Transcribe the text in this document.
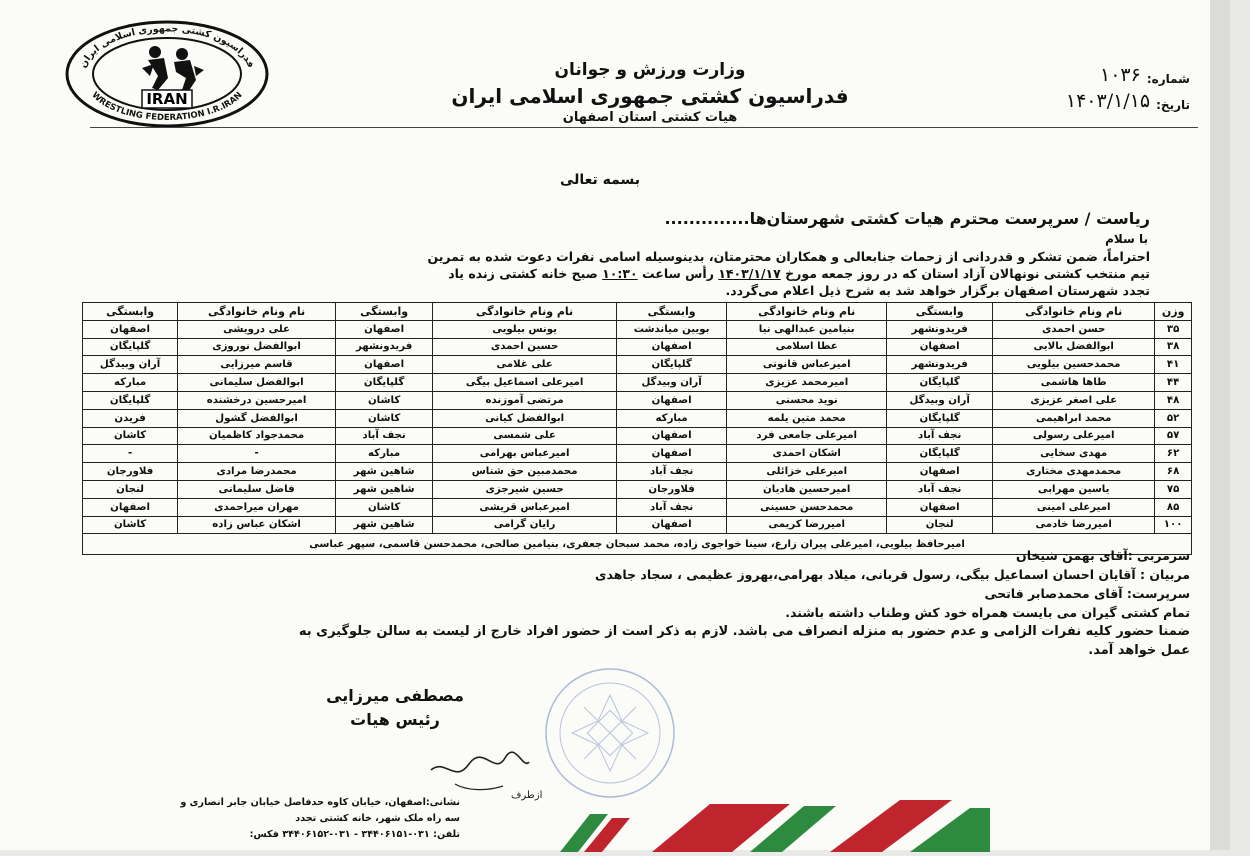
فدراسیون کشتی جمهوری اسلامی ایران
WRESTLING FEDERATION I.R.IRAN
IRAN
وزارت ورزش و جوانان
فدراسیون کشتی جمهوری اسلامی ایران
هیات کشتی استان اصفهان
شماره:
۱۰۳۶
تاریخ:
۱۴۰۳/۱/۱۵
بسمه تعالی
ریاست / سرپرست محترم هیات کشتی شهرستان‌ها..............
با سلام
احتراماً، ضمن تشکر و قدردانی از زحمات جنابعالی و همکاران محترمتان، بدینوسیله اسامی نفرات دعوت شده به تمرین
تیم منتخب کشتی نونهالان آزاد استان که در روز جمعه مورخ ۱۴۰۳/۱/۱۷ رأس ساعت ۱۰:۳۰ صبح خانه کشتی زنده یاد
تجدد شهرستان اصفهان برگزار خواهد شد به شرح ذیل اعلام می‌گردد.
وزن	نام ونام خانوادگی	وابستگی	نام ونام خانوادگی	وابستگی	نام ونام خانوادگی	وابستگی	نام ونام خانوادگی	وابستگی
۳۵	حسن احمدی	فریدونشهر	بنیامین عبدالهی نیا	بویین میاندشت	یونس بیلویی	اصفهان	علی درویشی	اصفهان
۳۸	ابوالفضل بالایی	اصفهان	عطا اسلامی	اصفهان	حسین احمدی	فریدونشهر	ابوالفضل نوروزی	گلپایگان
۴۱	محمدحسین بیلویی	فریدونشهر	امیرعباس قانونی	گلپایگان	علی غلامی	اصفهان	قاسم میرزایی	آران وبیدگل
۴۴	طاها هاشمی	گلپایگان	امیرمحمد عزیزی	آران وبیدگل	امیرعلی اسماعیل بیگی	گلپایگان	ابوالفضل سلیمانی	مبارکه
۴۸	علی اصغر عزیزی	آران وبیدگل	نوید محسنی	اصفهان	مرتضی آموزنده	کاشان	امیرحسین درخشنده	گلپایگان
۵۲	محمد ابراهیمی	گلپایگان	محمد متین یلمه	مبارکه	ابوالفضل کیانی	کاشان	ابوالفضل گشول	فریدن
۵۷	امیرعلی رسولی	نجف آباد	امیرعلی جامعی فرد	اصفهان	علی شمسی	نجف آباد	محمدجواد کاظمیان	کاشان
۶۲	مهدی سخایی	گلپایگان	اشکان احمدی	اصفهان	امیرعباس بهرامی	مبارکه	-	-
۶۸	محمدمهدی مختاری	اصفهان	امیرعلی خزائلی	نجف آباد	محمدمبین حق شناس	شاهین شهر	محمدرضا مرادی	فلاورجان
۷۵	یاسین مهرابی	نجف آباد	امیرحسین هادیان	فلاورجان	حسین شیرجزی	شاهین شهر	فاضل سلیمانی	لنجان
۸۵	امیرعلی امینی	اصفهان	محمدحسن حسینی	نجف آباد	امیرعباس قریشی	کاشان	مهران میراحمدی	اصفهان
۱۰۰	امیررضا خادمی	لنجان	امیررضا کریمی	اصفهان	رایان گرامی	شاهین شهر	اشکان عباس زاده	کاشان
امیرحافظ بیلویی، امیرعلی پیران زارع، سینا خواجوی زاده، محمد سبحان جعفری، بنیامین صالحی، محمدحسن قاسمی، سپهر عباسی								
سرمربی :آقای بهمن شیخان
مربیان : آقایان احسان اسماعیل بیگی، رسول قربانی، میلاد بهرامی،بهروز عظیمی ، سجاد جاهدی
سرپرست: آقای محمدصابر فاتحی
تمام کشتی گیران می بایست همراه خود کش وطناب داشته باشند.
ضمنا حضور کلیه نفرات الزامی و عدم حضور به منزله انصراف می باشد. لازم به ذکر است از حضور افراد خارج از لیست به سالن جلوگیری به
عمل خواهد آمد.
مصطفی میرزایی
رئیس هیات
ازطرف
نشانی:اصفهان، خیابان کاوه حدفاصل خیابان جابر انصاری و
سه راه ملک شهر، خانه کشتی تجدد
تلفن: ۰۳۱-۳۴۴۰۶۱۵۱ - ۰۳۱-۳۴۴۰۶۱۵۲ فکس:
